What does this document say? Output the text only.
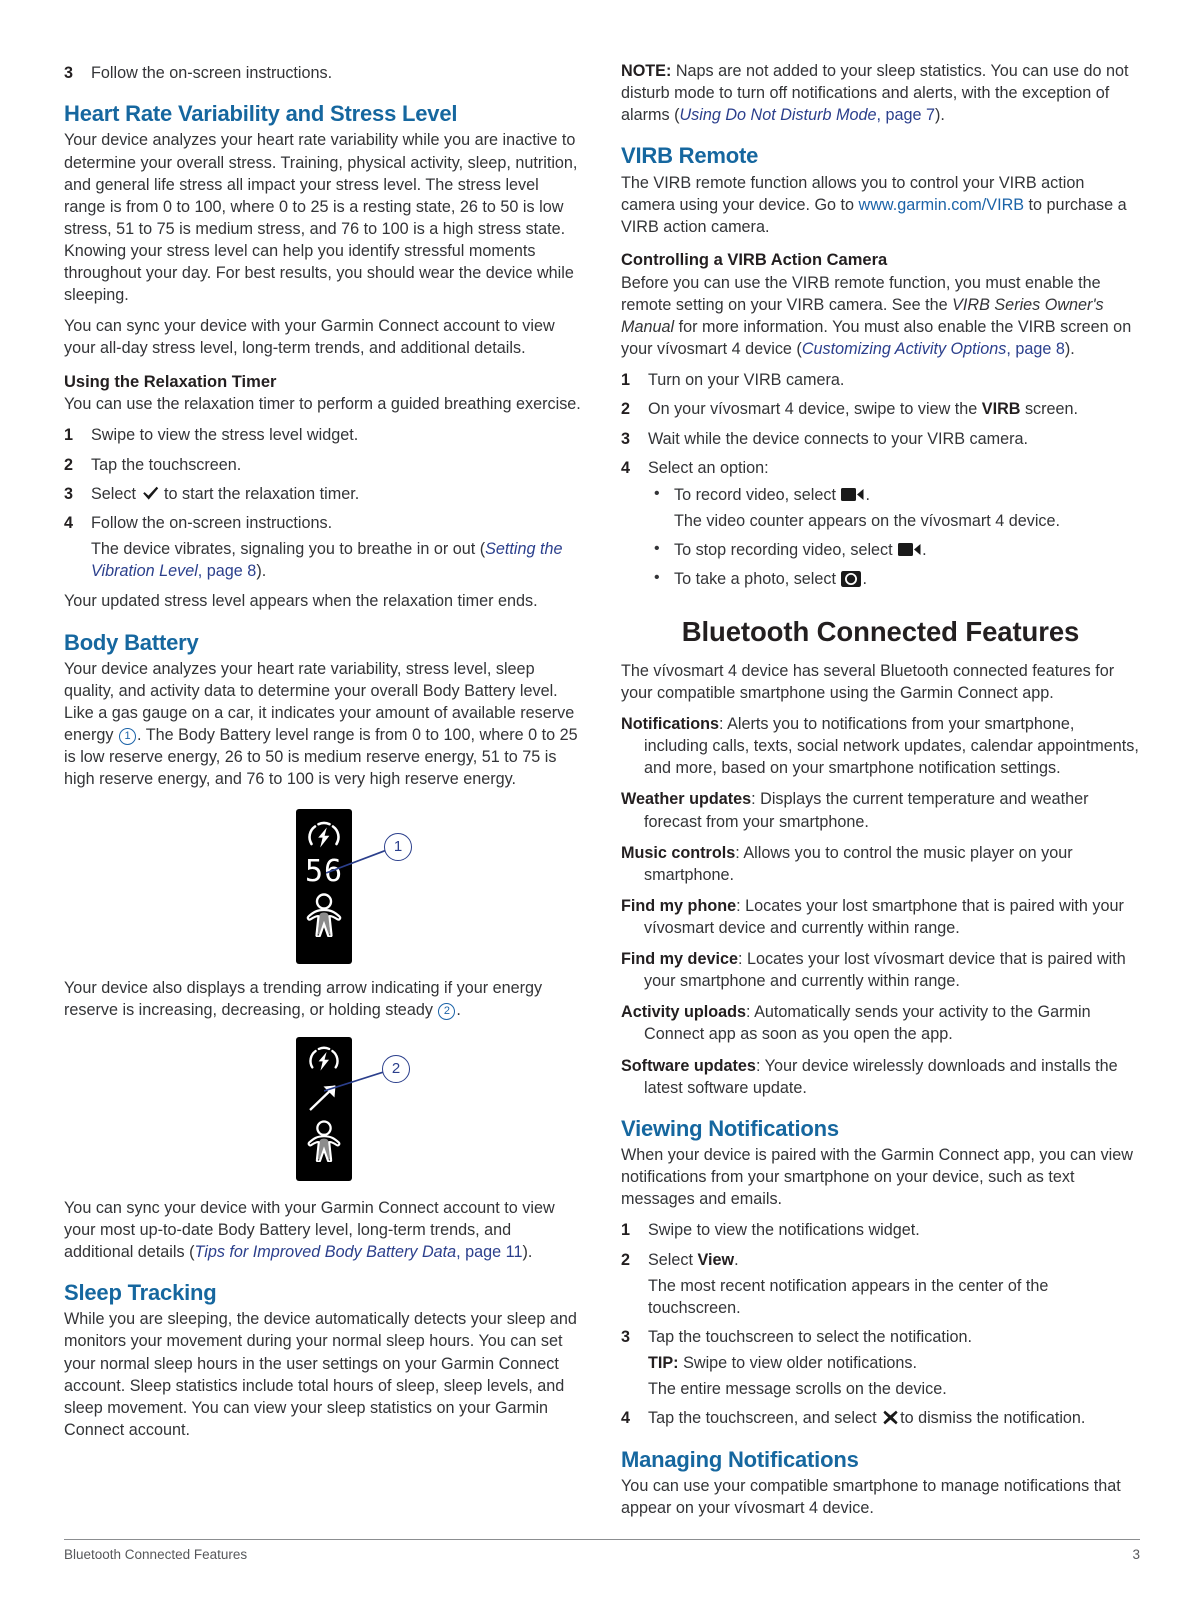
3 Follow the on-screen instructions.
Heart Rate Variability and Stress Level

Your device analyzes your heart rate variability while you are inactive to determine your overall stress. Training, physical activity, sleep, nutrition, and general life stress all impact your stress level. The stress level range is from 0 to 100, where 0 to 25 is a resting state, 26 to 50 is low stress, 51 to 75 is medium stress, and 76 to 100 is a high stress state. Knowing your stress level can help you identify stressful moments throughout your day. For best results, you should wear the device while sleeping.

You can sync your device with your Garmin Connect account to view your all-day stress level, long-term trends, and additional details.

Using the Relaxation Timer

You can use the relaxation timer to perform a guided breathing exercise.

1 Swipe to view the stress level widget.
2 Tap the touchscreen.
3 Select to start the relaxation timer.
4 Follow the on-screen instructions.

The device vibrates, signaling you to breathe in or out (Setting the Vibration Level, page 8).

Your updated stress level appears when the relaxation timer ends.

Body Battery

Your device analyzes your heart rate variability, stress level, sleep quality, and activity data to determine your overall Body Battery level. Like a gas gauge on a car, it indicates your amount of available reserve energy 1 . The Body Battery level range is from 0 to 100, where 0 to 25 is low reserve energy, 26 to 50 is medium reserve energy, 51 to 75 is high reserve energy, and 76 to 100 is very high reserve energy.

56
1

Your device also displays a trending arrow indicating if your energy reserve is increasing, decreasing, or holding steady 2 .

2

You can sync your device with your Garmin Connect account to view your most up-to-date Body Battery level, long-term trends, and additional details (Tips for Improved Body Battery Data, page 11).

Sleep Tracking

While you are sleeping, the device automatically detects your sleep and monitors your movement during your normal sleep hours. You can set your normal sleep hours in the user settings on your Garmin Connect account. Sleep statistics include total hours of sleep, sleep levels, and sleep movement. You can view your sleep statistics on your Garmin Connect account.

NOTE: Naps are not added to your sleep statistics. You can use do not disturb mode to turn off notifications and alerts, with the exception of alarms (Using Do Not Disturb Mode, page 7).

VIRB Remote

The VIRB remote function allows you to control your VIRB action camera using your device. Go to www.garmin.com/VIRB to purchase a VIRB action camera.

Controlling a VIRB Action Camera

Before you can use the VIRB remote function, you must enable the remote setting on your VIRB camera. See the VIRB Series Owner's Manual for more information. You must also enable the VIRB screen on your vívosmart 4 device (Customizing Activity Options, page 8).

1 Turn on your VIRB camera.
2 On your vívosmart 4 device, swipe to view the VIRB screen.
3 Wait while the device connects to your VIRB camera.
4 Select an option:
• To record video, select .

The video counter appears on the vívosmart 4 device.

• To stop recording video, select .
• To take a photo, select .
Bluetooth Connected Features

The vívosmart 4 device has several Bluetooth connected features for your compatible smartphone using the Garmin Connect app.

Notifications: Alerts you to notifications from your smartphone, including calls, texts, social network updates, calendar appointments, and more, based on your smartphone notification settings.
Weather updates: Displays the current temperature and weather forecast from your smartphone.
Music controls: Allows you to control the music player on your smartphone.
Find my phone: Locates your lost smartphone that is paired with your vívosmart device and currently within range.
Find my device: Locates your lost vívosmart device that is paired with your smartphone and currently within range.
Activity uploads: Automatically sends your activity to the Garmin Connect app as soon as you open the app.
Software updates: Your device wirelessly downloads and installs the latest software update.
Viewing Notifications

When your device is paired with the Garmin Connect app, you can view notifications from your smartphone on your device, such as text messages and emails.

1 Swipe to view the notifications widget.
2 Select View.

The most recent notification appears in the center of the touchscreen.

3 Tap the touchscreen to select the notification.

TIP: Swipe to view older notifications.

The entire message scrolls on the device.

4 Tap the touchscreen, and select to dismiss the notification.
Managing Notifications

You can use your compatible smartphone to manage notifications that appear on your vívosmart 4 device.

Bluetooth Connected Features	3
